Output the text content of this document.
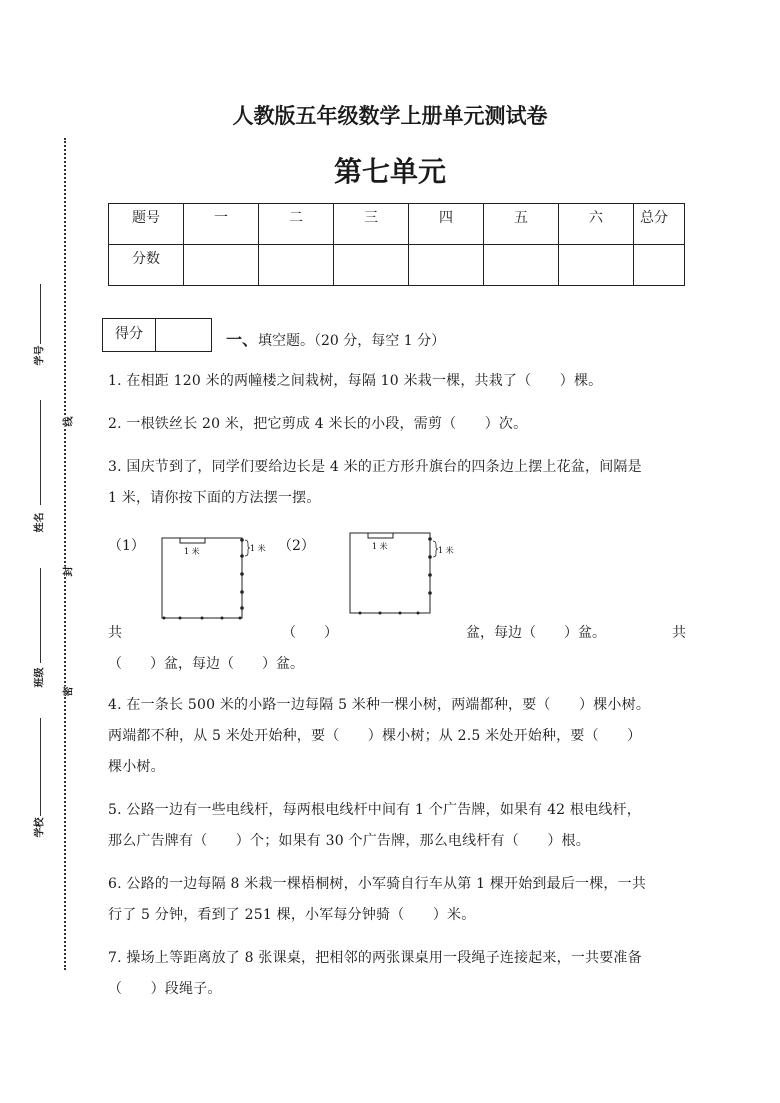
学号
姓名
班级
学校
线
封
密
人教版五年级数学上册单元测试卷
第七单元
题号	一	二	三	四	五	六	总分
分数							
得分	一、填空题。（20 分，每空 1 分）
1. 在相距 120 米的两幢楼之间栽树，每隔 10 米栽一棵，共栽了（　　）棵。
2. 一根铁丝长 20 米，把它剪成 4 米长的小段，需剪（　　）次。
3. 国庆节到了，同学们要给边长是 4 米的正方形升旗台的四条边上摆上花盆，间隔是
1 米，请你按下面的方法摆一摆。
（1）	（2）
1 米	1 米	1 米	1 米
共	（　　）	盆，每边（　　）盆。	共
（　　）盆，每边（　　）盆。
4. 在一条长 500 米的小路一边每隔 5 米种一棵小树，两端都种，要（　　）棵小树。
两端都不种，从 5 米处开始种，要（　　）棵小树；从 2.5 米处开始种，要（　　）
棵小树。
5. 公路一边有一些电线杆，每两根电线杆中间有 1 个广告牌，如果有 42 根电线杆，
那么广告牌有（　　）个；如果有 30 个广告牌，那么电线杆有（　　）根。
6. 公路的一边每隔 8 米栽一棵梧桐树，小军骑自行车从第 1 棵开始到最后一棵，一共
行了 5 分钟，看到了 251 棵，小军每分钟骑（　　）米。
7. 操场上等距离放了 8 张课桌，把相邻的两张课桌用一段绳子连接起来，一共要准备
（　　）段绳子。
